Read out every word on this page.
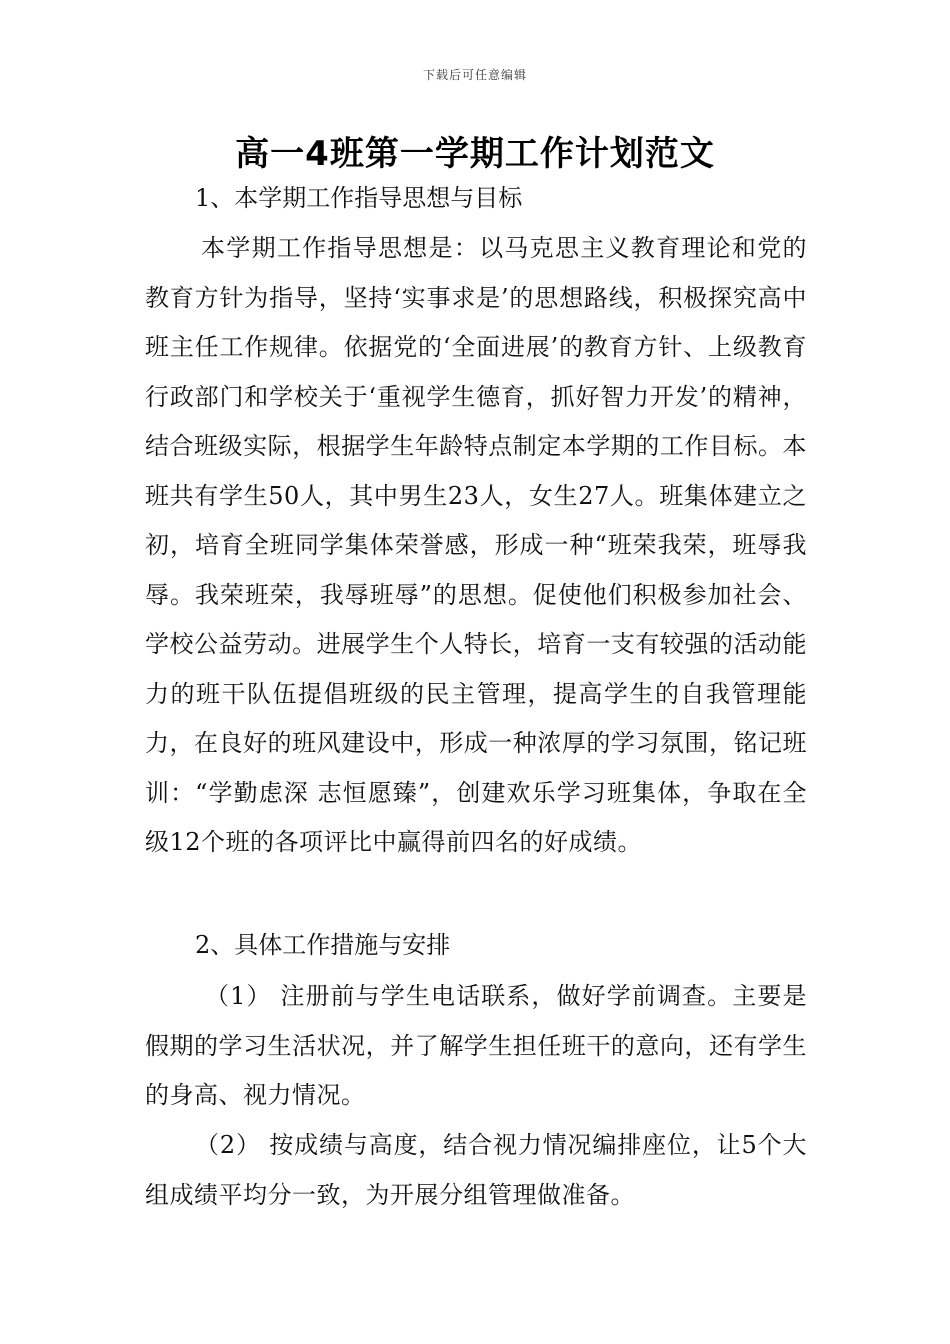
下载后可任意编辑
高一4班第一学期工作计划范文
1、本学期工作指导思想与目标
本学期工作指导思想是：以马克思主义教育理论和党的教育方针为指导，坚持‘实事求是’的思想路线，积极探究高中班主任工作规律。依据党的‘全面进展’的教育方针、上级教育行政部门和学校关于‘重视学生德育，抓好智力开发’的精神，结合班级实际，根据学生年龄特点制定本学期的工作目标。本班共有学生50人，其中男生23人，女生27人。班集体建立之初，培育全班同学集体荣誉感，形成一种“班荣我荣，班辱我辱。我荣班荣，我辱班辱”的思想。促使他们积极参加社会、学校公益劳动。进展学生个人特长，培育一支有较强的活动能力的班干队伍提倡班级的民主管理，提高学生的自我管理能力，在良好的班风建设中，形成一种浓厚的学习氛围，铭记班训：“学勤虑深 志恒愿臻”，创建欢乐学习班集体，争取在全级12个班的各项评比中赢得前四名的好成绩。
2、具体工作措施与安排
（1） 注册前与学生电话联系，做好学前调查。主要是假期的学习生活状况，并了解学生担任班干的意向，还有学生的身高、视力情况。
（2） 按成绩与高度，结合视力情况编排座位，让5个大组成绩平均分一致，为开展分组管理做准备。
